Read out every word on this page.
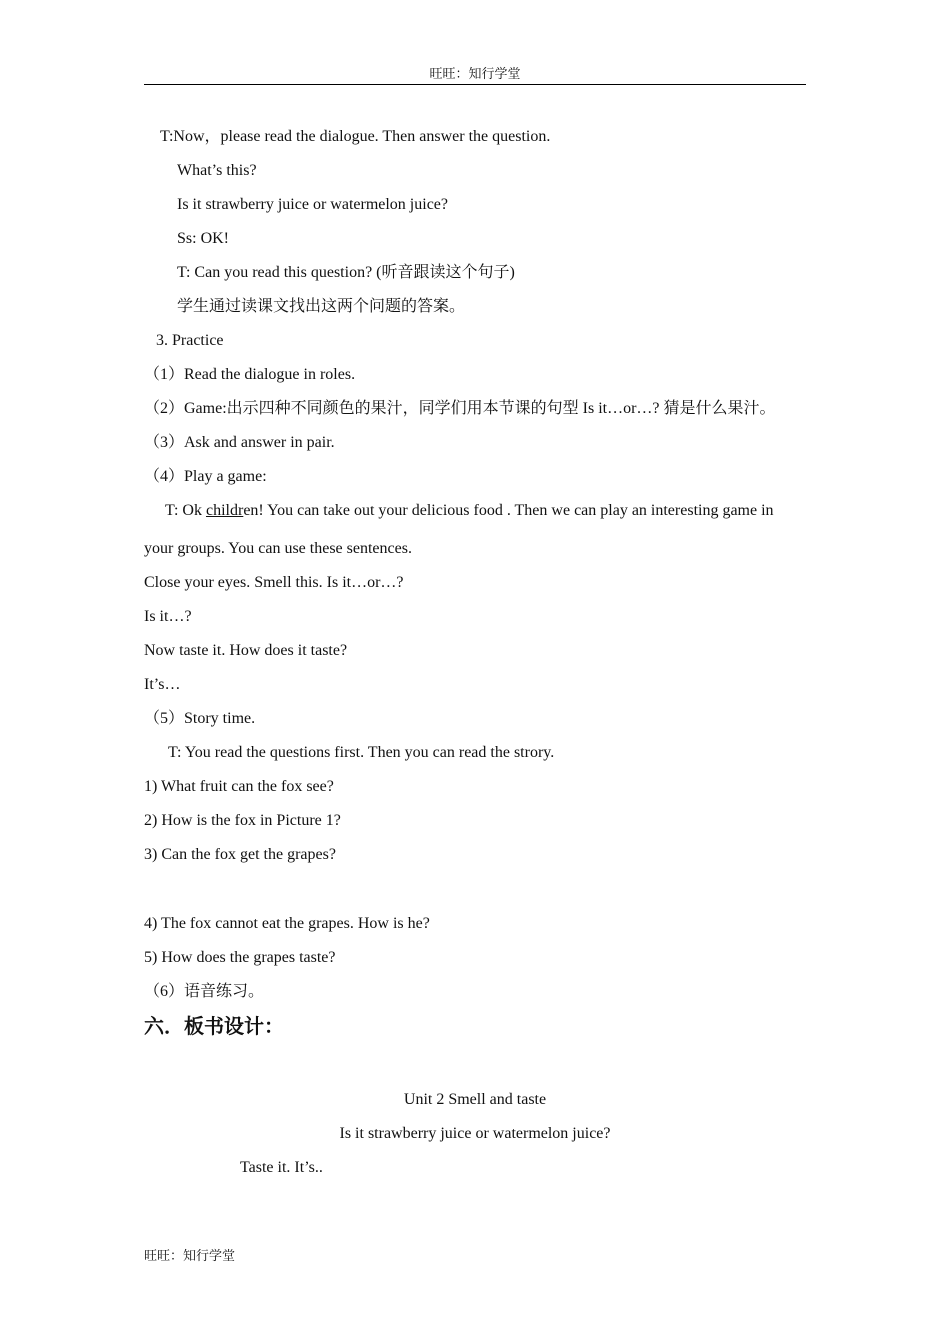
旺旺：知行学堂
T:Now，please read the dialogue. Then answer the question.
What’s this?
Is it strawberry juice or watermelon juice?
Ss: OK!
T: Can you read this question? (听音跟读这个句子)
学生通过读课文找出这两个问题的答案。
3. Practice
（1）Read the dialogue in roles.
（2）Game:出示四种不同颜色的果汁，同学们用本节课的句型 Is it…or…? 猜是什么果汁。
（3）Ask and answer in pair.
（4）Play a game:
T: Ok children! You can take out your delicious food . Then we can play an interesting game in
your groups. You can use these sentences.
Close your eyes. Smell this. Is it…or…?
Is it…?
Now taste it. How does it taste?
It’s…
（5）Story time.
T: You read the questions first. Then you can read the strory.
1) What fruit can the fox see?
2) How is the fox in Picture 1?
3) Can the fox get the grapes?
4) The fox cannot eat the grapes. How is he?
5) How does the grapes taste?
（6）语音练习。
六．板书设计：
Unit 2 Smell and taste
Is it strawberry juice or watermelon juice?
Taste it. It’s..
旺旺：知行学堂
